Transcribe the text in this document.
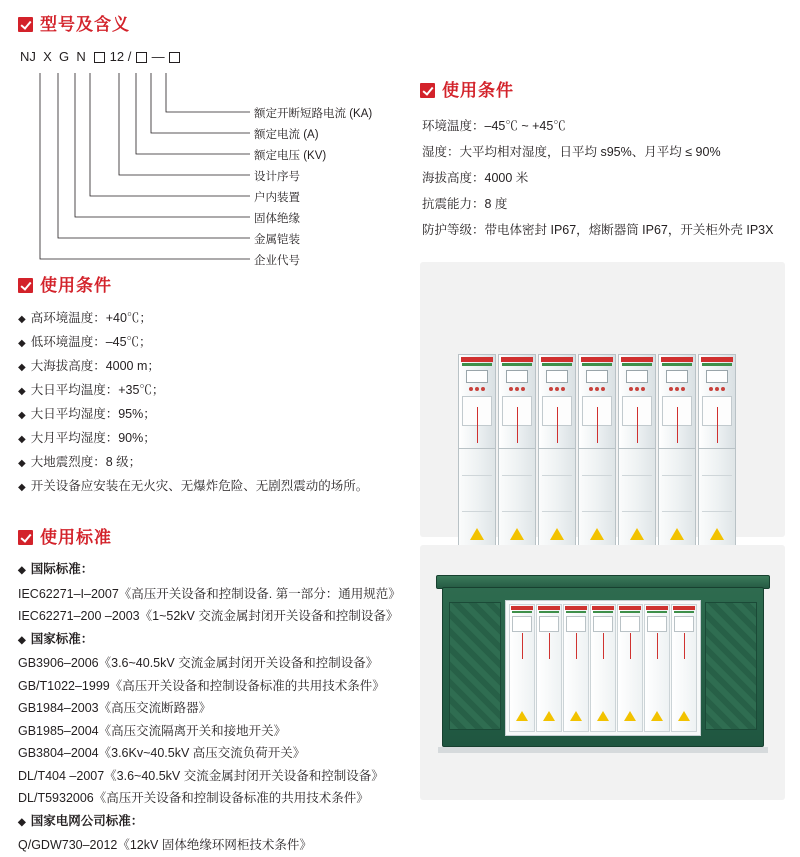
型号及含义
NJ X G N 12 / —
额定开断短路电流 (KA)
额定电流 (A)
额定电压 (KV)
设计序号
户内装置
固体绝缘
金属铠装
企业代号
使用条件
◆ 高环境温度：+40℃；
◆ 低环境温度：–45℃；
◆ 大海拔高度：4000 m；
◆ 大日平均温度：+35℃；
◆ 大日平均湿度：95%；
◆ 大月平均湿度：90%；
◆ 大地震烈度：8 级；
◆ 开关设备应安装在无火灾、无爆炸危险、无剧烈震动的场所。
使用标准
◆ 国际标准：
IEC62271–I–2007《高压开关设备和控制设备. 第一部分：通用规范》
IEC62271–200 –2003《1~52kV 交流金属封闭开关设备和控制设备》
◆ 国家标准：
GB3906–2006《3.6~40.5kV 交流金属封闭开关设备和控制设备》
GB/T1022–1999《高压开关设备和控制设备标准的共用技术条件》
GB1984–2003《高压交流断路器》
GB1985–2004《高压交流隔离开关和接地开关》
GB3804–2004《3.6Kv~40.5kV 高压交流负荷开关》
DL/T404 –2007《3.6~40.5kV 交流金属封闭开关设备和控制设备》
DL/T5932006《高压开关设备和控制设备标准的共用技术条件》
◆ 国家电网公司标准：
Q/GDW730–2012《12kV 固体绝缘环网柜技术条件》
使用条件
环境温度：–45℃ ~ +45℃
湿度：大平均相对湿度，日平均 s95%、月平均 ≤ 90%
海拔高度：4000 米
抗震能力：8 度
防护等级：带电体密封 IP67，熔断器筒 IP67，开关柜外壳 IP3X
